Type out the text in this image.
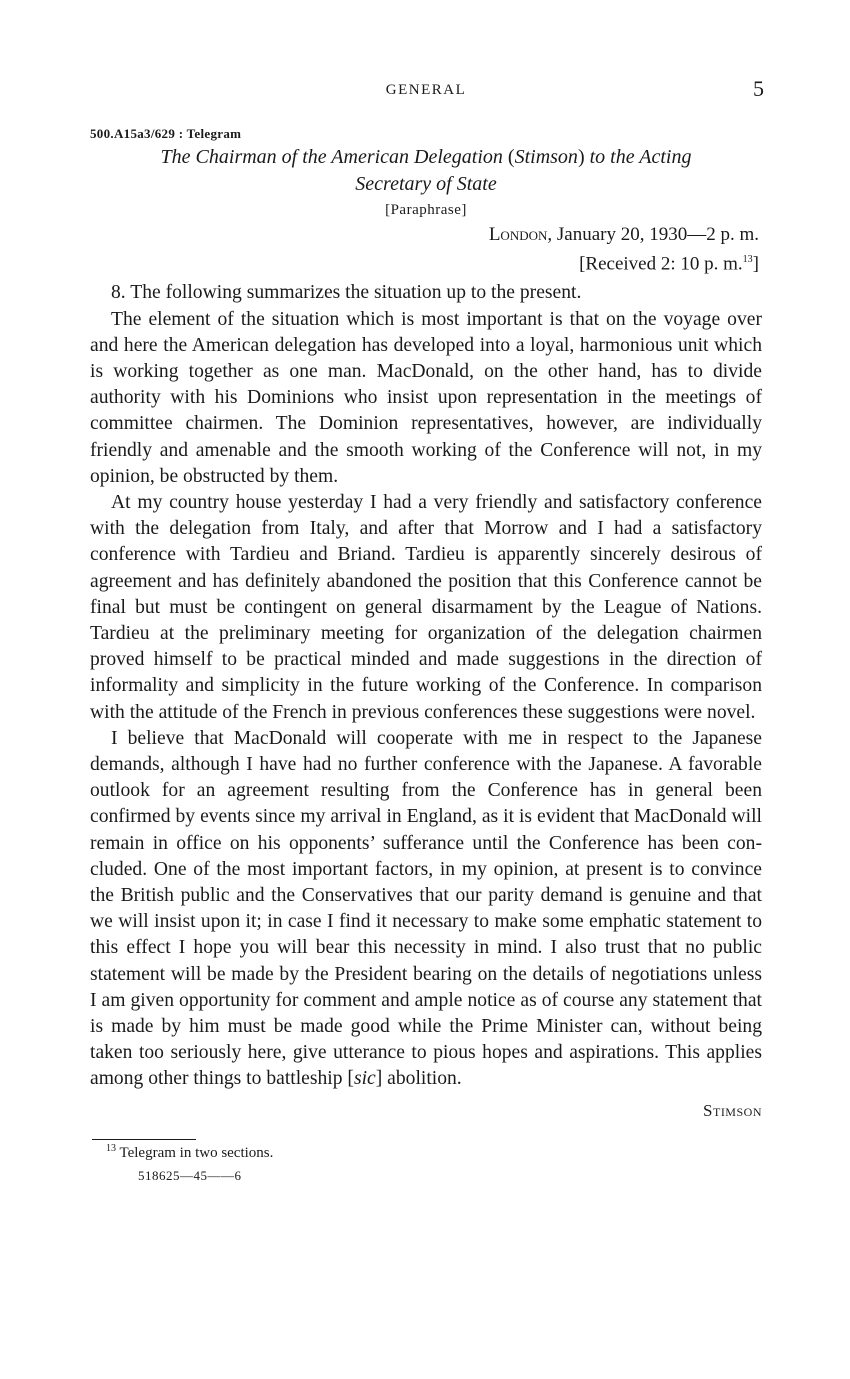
GENERAL	5
500.A15a3/629 : Telegram
The Chairman of the American Delegation (Stimson) to the Acting
Secretary of State
[Paraphrase]
London, January 20, 1930—2 p. m.
[Received 2: 10 p. m.$^{13}$]

8. The following summarizes the situation up to the present.

The element of the situation which is most important is that on the voyage over and here the American delegation has developed into a loyal, harmonious unit which is working together as one man. MacDonald, on the other hand, has to divide authority with his Dominions who insist upon representation in the meetings of committee chairmen. The Dominion representatives, however, are individually friendly and amenable and the smooth working of the Conference will not, in my opinion, be obstructed by them.

At my country house yesterday I had a very friendly and satisfactory conference with the delegation from Italy, and after that Morrow and I had a satisfactory conference with Tardieu and Briand. Tardieu is apparently sincerely desirous of agreement and has definitely abandoned the position that this Conference cannot be final but must be contingent on general disarmament by the League of Nations. Tardieu at the preliminary meeting for organization of the delegation chairmen proved himself to be practical minded and made suggestions in the direction of informality and simplicity in the future working of the Conference. In comparison with the attitude of the French in previous conferences these suggestions were novel.

I believe that MacDonald will cooperate with me in respect to the Japanese demands, although I have had no further conference with the Japanese. A favorable outlook for an agreement resulting from the Conference has in general been confirmed by events since my arrival in England, as it is evident that MacDonald will remain in office on his opponents’ sufferance until the Conference has been concluded. One of the most important factors, in my opinion, at present is to convince the British public and the Conservatives that our parity demand is genuine and that we will insist upon it; in case I find it necessary to make some emphatic statement to this effect I hope you will bear this necessity in mind. I also trust that no public statement will be made by the President bearing on the details of negotiations unless I am given opportunity for comment and ample notice as of course any statement that is made by him must be made good while the Prime Minister can, without being taken too seriously here, give utterance to pious hopes and aspirations. This applies among other things to battleship [sic] abolition.

Stimson
$^{13}$ Telegram in two sections.
518625—45——6
